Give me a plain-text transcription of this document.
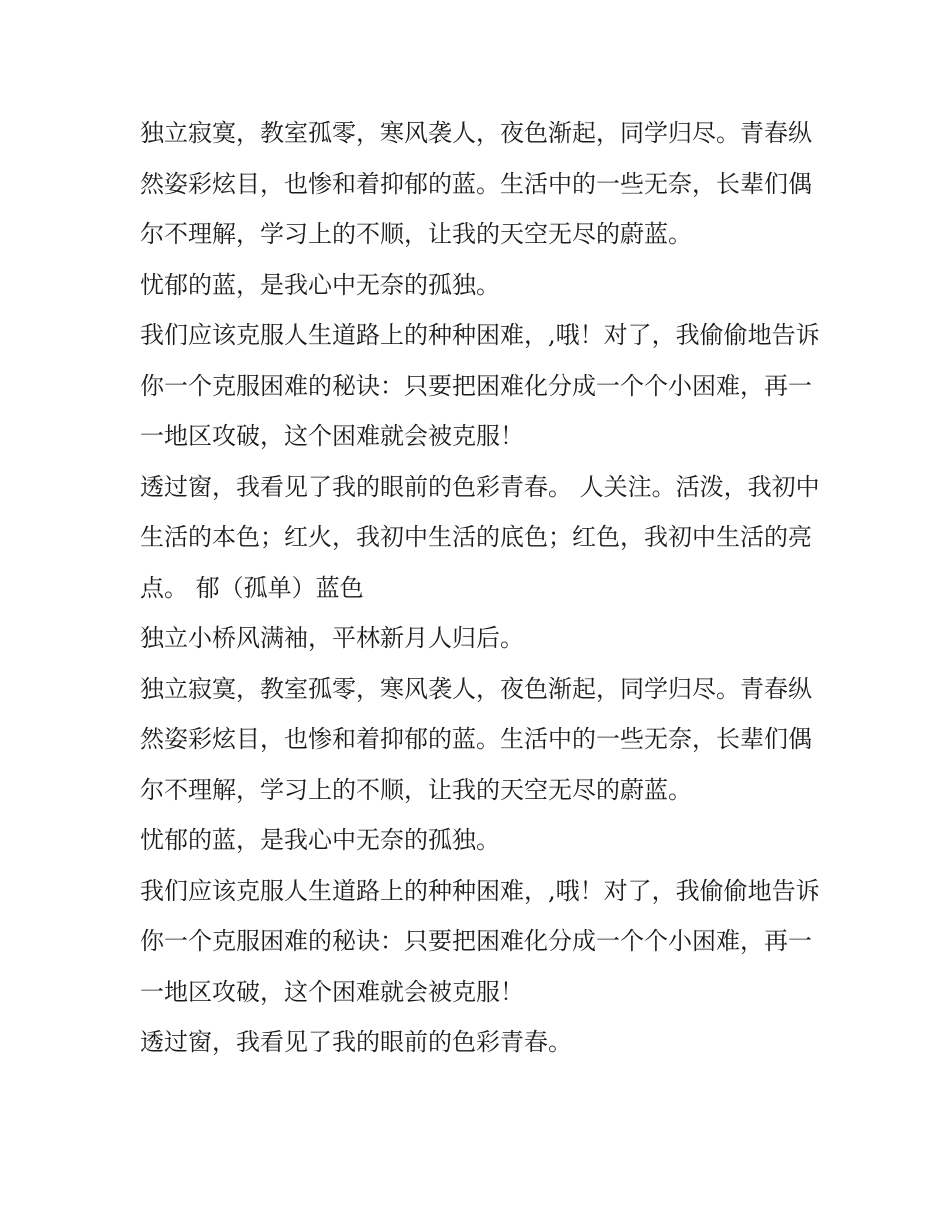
独立寂寞，教室孤零，寒风袭人，夜色渐起，同学归尽。青春纵然姿彩炫目，也惨和着抑郁的蓝。生活中的一些无奈，长辈们偶尔不理解，学习上的不顺，让我的天空无尽的蔚蓝。

忧郁的蓝，是我心中无奈的孤独。

我们应该克服人生道路上的种种困难，,哦！对了，我偷偷地告诉你一个克服困难的秘诀：只要把困难化分成一个个小困难，再一一地区攻破，这个困难就会被克服！

透过窗，我看见了我的眼前的色彩青春。 人关注。活泼，我初中生活的本色；红火，我初中生活的底色；红色，我初中生活的亮点。 郁（孤单）蓝色

独立小桥风满袖，平林新月人归后。

独立寂寞，教室孤零，寒风袭人，夜色渐起，同学归尽。青春纵然姿彩炫目，也惨和着抑郁的蓝。生活中的一些无奈，长辈们偶尔不理解，学习上的不顺，让我的天空无尽的蔚蓝。

忧郁的蓝，是我心中无奈的孤独。

我们应该克服人生道路上的种种困难，,哦！对了，我偷偷地告诉你一个克服困难的秘诀：只要把困难化分成一个个小困难，再一一地区攻破，这个困难就会被克服！

透过窗，我看见了我的眼前的色彩青春。
